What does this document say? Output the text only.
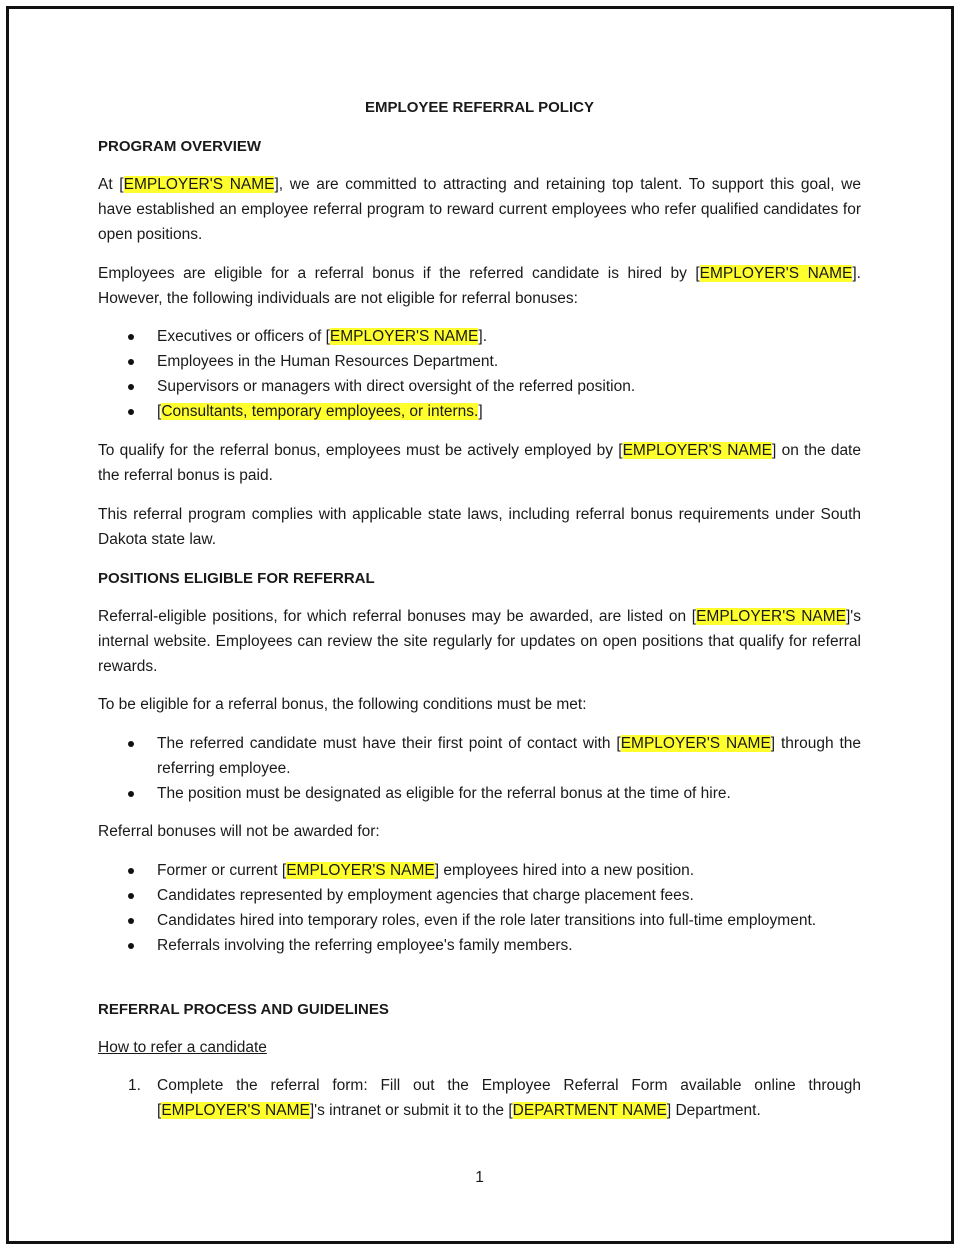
EMPLOYEE REFERRAL POLICY
PROGRAM OVERVIEW
At [EMPLOYER'S NAME], we are committed to attracting and retaining top talent. To support this goal, we have established an employee referral program to reward current employees who refer qualified candidates for open positions.
Employees are eligible for a referral bonus if the referred candidate is hired by [EMPLOYER'S NAME]. However, the following individuals are not eligible for referral bonuses:
Executives or officers of [EMPLOYER'S NAME].
Employees in the Human Resources Department.
Supervisors or managers with direct oversight of the referred position.
[Consultants, temporary employees, or interns.]
To qualify for the referral bonus, employees must be actively employed by [EMPLOYER'S NAME] on the date the referral bonus is paid.
This referral program complies with applicable state laws, including referral bonus requirements under South Dakota state law.
POSITIONS ELIGIBLE FOR REFERRAL
Referral-eligible positions, for which referral bonuses may be awarded, are listed on [EMPLOYER'S NAME]'s internal website. Employees can review the site regularly for updates on open positions that qualify for referral rewards.
To be eligible for a referral bonus, the following conditions must be met:
The referred candidate must have their first point of contact with [EMPLOYER'S NAME] through the referring employee.
The position must be designated as eligible for the referral bonus at the time of hire.
Referral bonuses will not be awarded for:
Former or current [EMPLOYER'S NAME] employees hired into a new position.
Candidates represented by employment agencies that charge placement fees.
Candidates hired into temporary roles, even if the role later transitions into full-time employment.
Referrals involving the referring employee's family members.
REFERRAL PROCESS AND GUIDELINES
How to refer a candidate
1. Complete the referral form: Fill out the Employee Referral Form available online through [EMPLOYER'S NAME]'s intranet or submit it to the [DEPARTMENT NAME] Department.
1
